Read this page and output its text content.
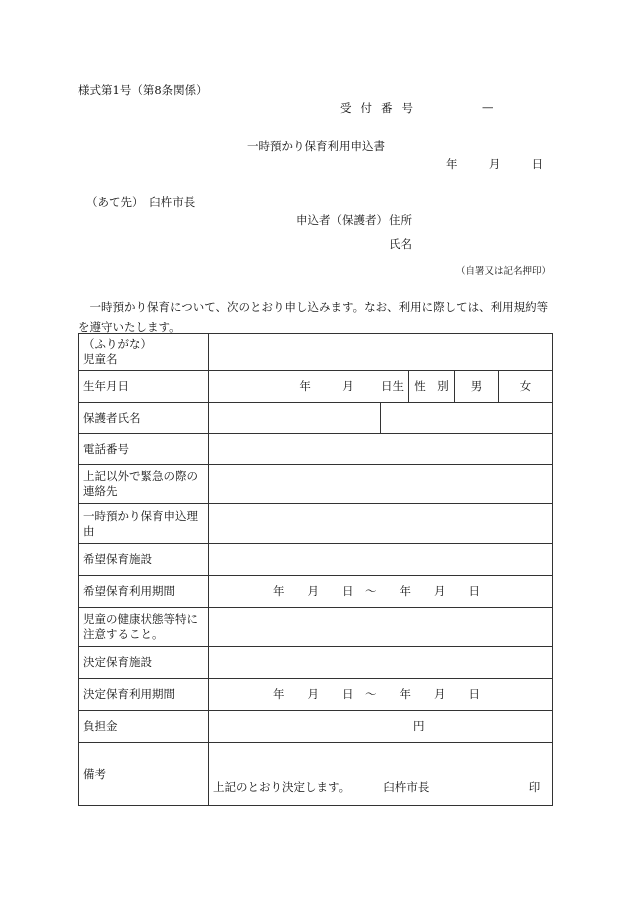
様式第1号（第8条関係）
受付番号	—
一時預かり保育利用申込書
年	月	日
（あて先）　臼杵市長
申込者（保護者） 住所
氏名
（自署又は記名押印）
　一時預かり保育について、次のとおり申し込みます。なお、利用に際しては、利用規約等を遵守いたします。
（ふりがな）
児童名					

生年月日	年 月 日生		性　別	男	女
保護者氏名					
電話番号					
上記以外で緊急の際の連絡先					
一時預かり保育申込理由					
希望保育施設					
希望保育利用期間	年　　月　　日　～　　年　　月　　日				
児童の健康状態等特に注意すること。					
決定保育施設					
決定保育利用期間	年　　月　　日　～　　年　　月　　日				
負担金	円				
備考	上記のとおり決定します。 臼杵市長 印				
